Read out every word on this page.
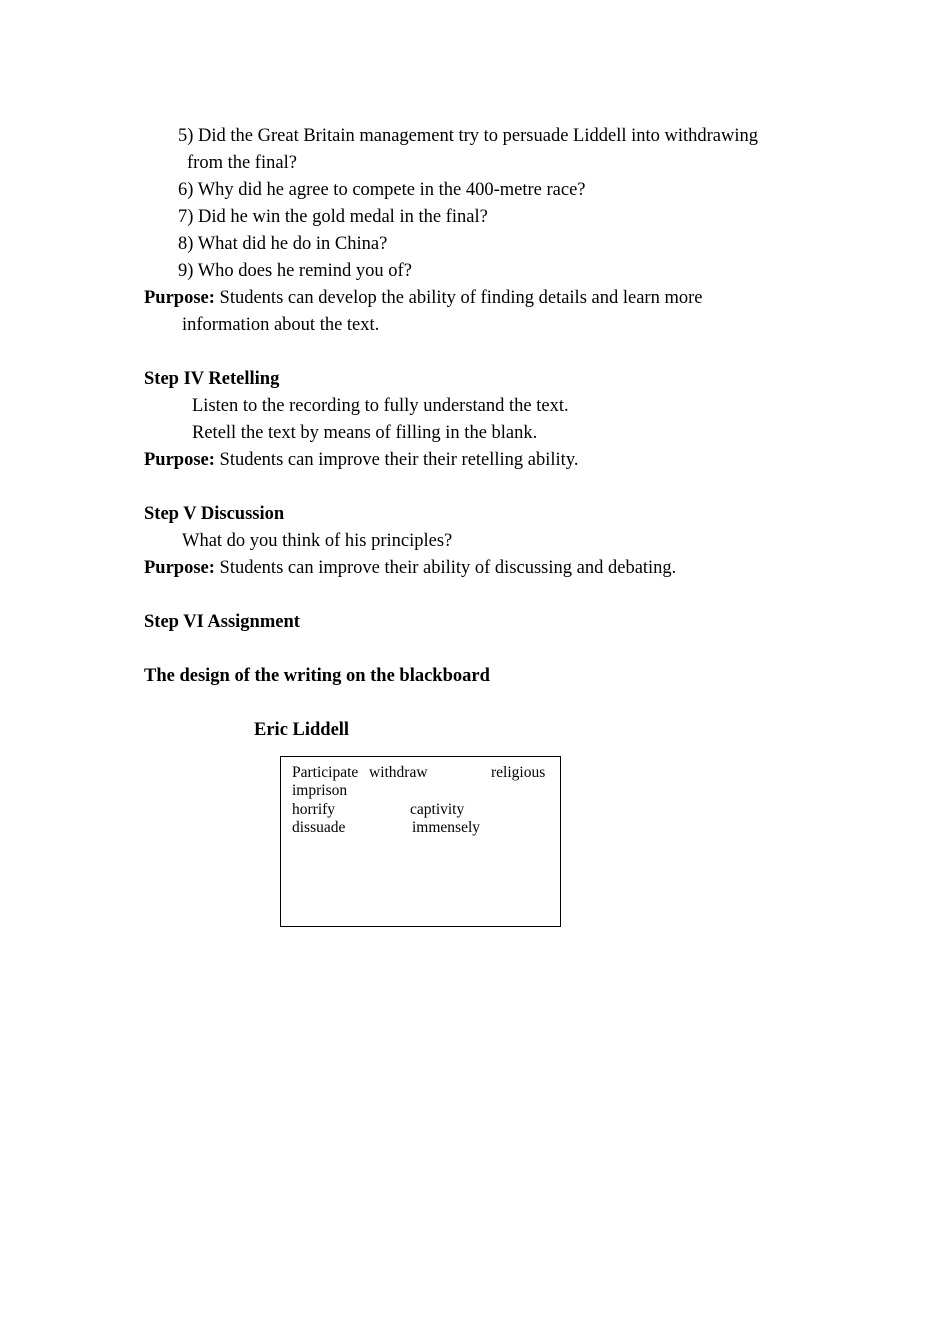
5) Did the Great Britain management try to persuade Liddell into withdrawing
from the final?
6) Why did he agree to compete in the 400-metre race?
7) Did he win the gold medal in the final?
8) What did he do in China?
9) Who does he remind you of?
Purpose: Students can develop the ability of finding details and learn more
information about the text.
Step IV Retelling
Listen to the recording to fully understand the text.
Retell the text by means of filling in the blank.
Purpose: Students can improve their their retelling ability.
Step V Discussion
What do you think of his principles?
Purpose: Students can improve their ability of discussing and debating.
Step VI Assignment
The design of the writing on the blackboard
Eric Liddell
Participate withdraw	religious
imprison
horrify	captivity
dissuade	immensely
